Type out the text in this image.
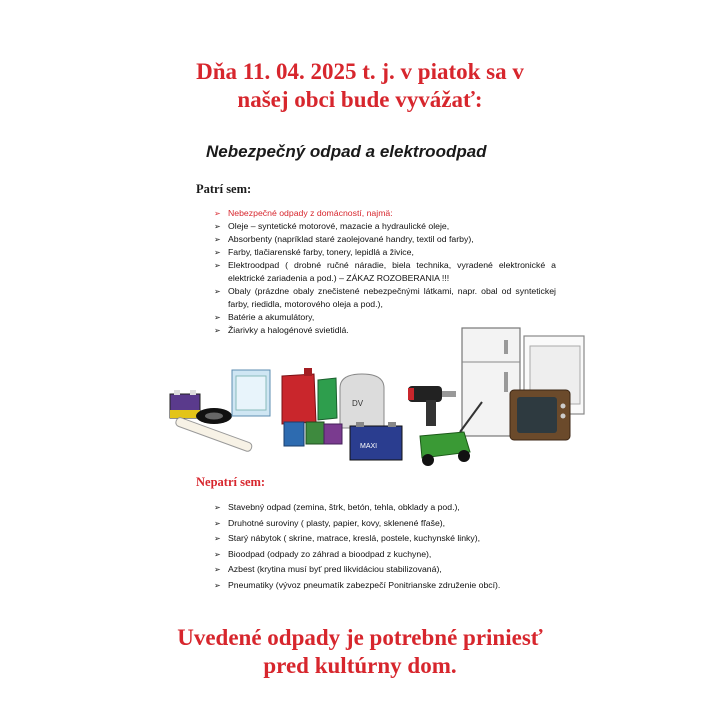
Dňa 11. 04. 2025 t. j. v piatok sa v
našej obci bude vyvážať:
Nebezpečný odpad a elektroodpad
Patrí sem:
➢ Nebezpečné odpady z domácností, najmä:
➢ Oleje – syntetické motorové, mazacie a hydraulické oleje,
➢ Absorbenty (napríklad staré zaolejované handry, textil od farby),
➢ Farby, tlačiarenské farby, tonery, lepidlá a živice,
➢ Elektroodpad ( drobné ručné náradie, biela technika, vyradené elektronické a elektrické zariadenia a pod.) – ZÁKAZ ROZOBERANIA !!!
➢ Obaly (prázdne obaly znečistené nebezpečnými látkami, napr. obal od syntetickej farby, riedidla, motorového oleja a pod.),
➢ Batérie a akumulátory,
➢ Žiarivky a halogénové svietidlá.
DV
MAXI
Nepatrí sem:
➢ Stavebný odpad (zemina, štrk, betón, tehla, obklady a pod.),
➢ Druhotné suroviny ( plasty, papier, kovy, sklenené fľaše),
➢ Starý nábytok ( skrine, matrace, kreslá, postele, kuchynské linky),
➢ Bioodpad (odpady zo záhrad a bioodpad z kuchyne),
➢ Azbest (krytina musí byť pred likvidáciou stabilizovaná),
➢ Pneumatiky (vývoz pneumatík zabezpečí Ponitrianske združenie obcí).
Uvedené odpady je potrebné priniesť
pred kultúrny dom.
